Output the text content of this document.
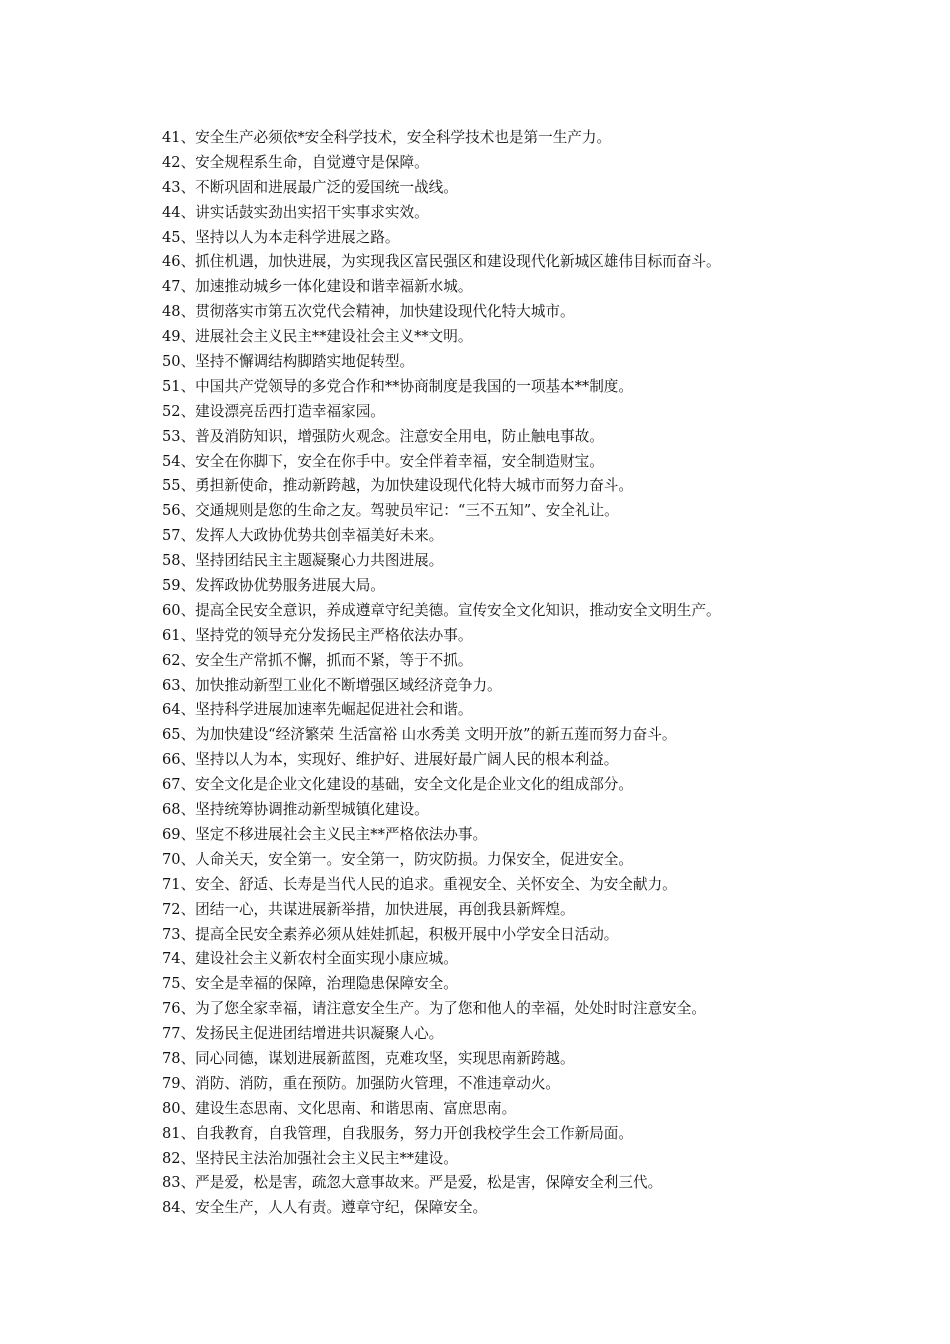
41、安全生产必须依*安全科学技术，安全科学技术也是第一生产力。
42、安全规程系生命，自觉遵守是保障。
43、不断巩固和进展最广泛的爱国统一战线。
44、讲实话鼓实劲出实招干实事求实效。
45、坚持以人为本走科学进展之路。
46、抓住机遇，加快进展，为实现我区富民强区和建设现代化新城区雄伟目标而奋斗。
47、加速推动城乡一体化建设和谐幸福新水城。
48、贯彻落实市第五次党代会精神，加快建设现代化特大城市。
49、进展社会主义民主**建设社会主义**文明。
50、坚持不懈调结构脚踏实地促转型。
51、中国共产党领导的多党合作和**协商制度是我国的一项基本**制度。
52、建设漂亮岳西打造幸福家园。
53、普及消防知识，增强防火观念。注意安全用电，防止触电事故。
54、安全在你脚下，安全在你手中。安全伴着幸福，安全制造财宝。
55、勇担新使命，推动新跨越，为加快建设现代化特大城市而努力奋斗。
56、交通规则是您的生命之友。驾驶员牢记：“三不五知”、安全礼让。
57、发挥人大政协优势共创幸福美好未来。
58、坚持团结民主主题凝聚心力共图进展。
59、发挥政协优势服务进展大局。
60、提高全民安全意识，养成遵章守纪美德。宣传安全文化知识，推动安全文明生产。
61、坚持党的领导充分发扬民主严格依法办事。
62、安全生产常抓不懈，抓而不紧，等于不抓。
63、加快推动新型工业化不断增强区域经济竞争力。
64、坚持科学进展加速率先崛起促进社会和谐。
65、为加快建设“经济繁荣 生活富裕 山水秀美 文明开放”的新五莲而努力奋斗。
66、坚持以人为本，实现好、维护好、进展好最广阔人民的根本利益。
67、安全文化是企业文化建设的基础，安全文化是企业文化的组成部分。
68、坚持统筹协调推动新型城镇化建设。
69、坚定不移进展社会主义民主**严格依法办事。
70、人命关天，安全第一。安全第一，防灾防损。力保安全，促进安全。
71、安全、舒适、长寿是当代人民的追求。重视安全、关怀安全、为安全献力。
72、团结一心，共谋进展新举措，加快进展，再创我县新辉煌。
73、提高全民安全素养必须从娃娃抓起，积极开展中小学安全日活动。
74、建设社会主义新农村全面实现小康应城。
75、安全是幸福的保障，治理隐患保障安全。
76、为了您全家幸福，请注意安全生产。为了您和他人的幸福，处处时时注意安全。
77、发扬民主促进团结增进共识凝聚人心。
78、同心同德，谋划进展新蓝图，克难攻坚，实现思南新跨越。
79、消防、消防，重在预防。加强防火管理，不准违章动火。
80、建设生态思南、文化思南、和谐思南、富庶思南。
81、自我教育，自我管理，自我服务，努力开创我校学生会工作新局面。
82、坚持民主法治加强社会主义民主**建设。
83、严是爱，松是害，疏忽大意事故来。严是爱，松是害，保障安全利三代。
84、安全生产，人人有责。遵章守纪，保障安全。
